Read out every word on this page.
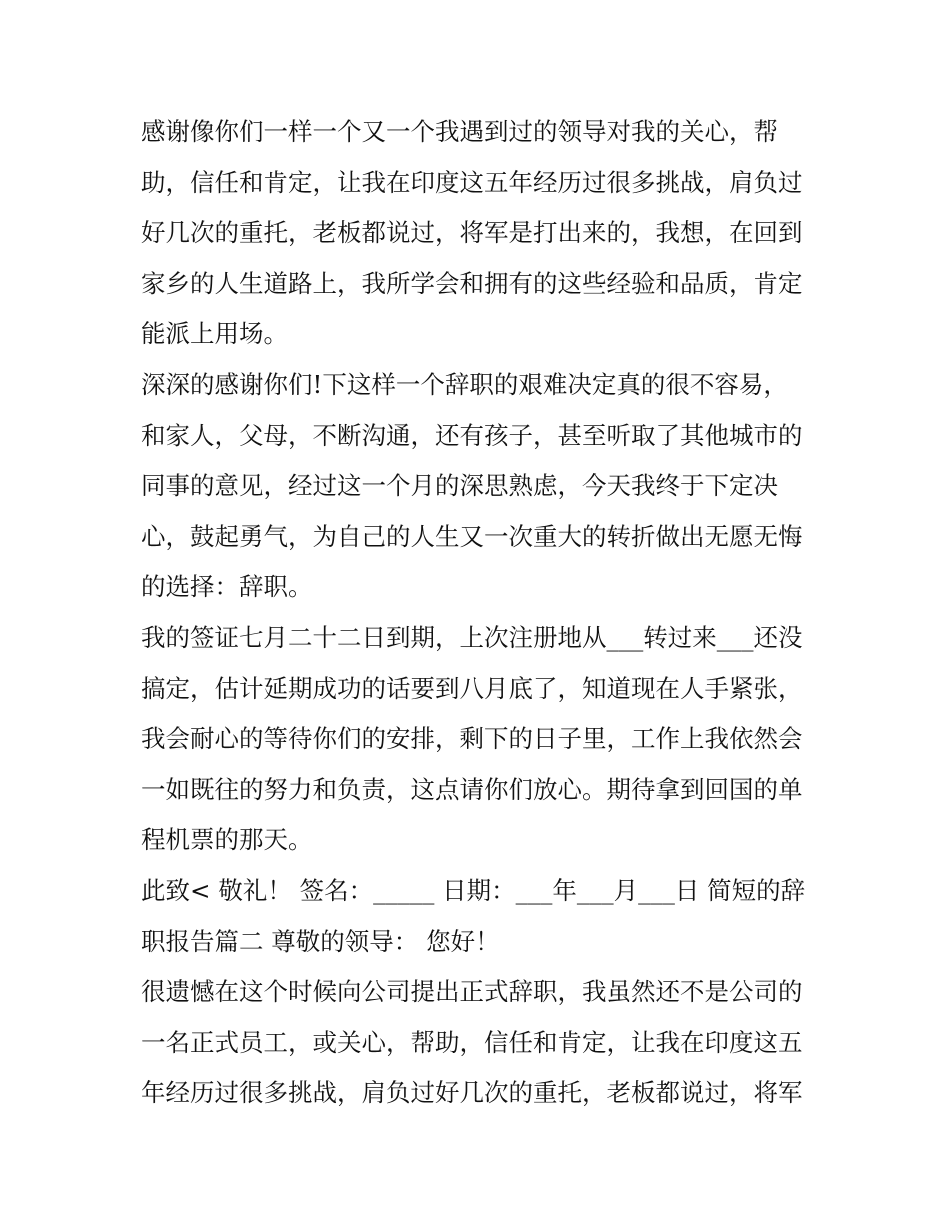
感谢像你们一样一个又一个我遇到过的领导对我的关心，帮
助，信任和肯定，让我在印度这五年经历过很多挑战，肩负过
好几次的重托，老板都说过，将军是打出来的，我想，在回到
家乡的人生道路上，我所学会和拥有的这些经验和品质，肯定
能派上用场。
深深的感谢你们!下这样一个辞职的艰难决定真的很不容易，
和家人，父母，不断沟通，还有孩子，甚至听取了其他城市的
同事的意见，经过这一个月的深思熟虑，今天我终于下定决
心，鼓起勇气，为自己的人生又一次重大的转折做出无愿无悔
的选择：辞职。
我的签证七月二十二日到期，上次注册地从___转过来___还没
搞定，估计延期成功的话要到八月底了，知道现在人手紧张，
我会耐心的等待你们的安排，剩下的日子里，工作上我依然会
一如既往的努力和负责，这点请你们放心。期待拿到回国的单
程机票的那天。
此致< 敬礼！ 签名：_____ 日期：___年___月___日 简短的辞
职报告篇二 尊敬的领导： 您好！
很遗憾在这个时候向公司提出正式辞职，我虽然还不是公司的
一名正式员工，或关心，帮助，信任和肯定，让我在印度这五
年经历过很多挑战，肩负过好几次的重托，老板都说过，将军
